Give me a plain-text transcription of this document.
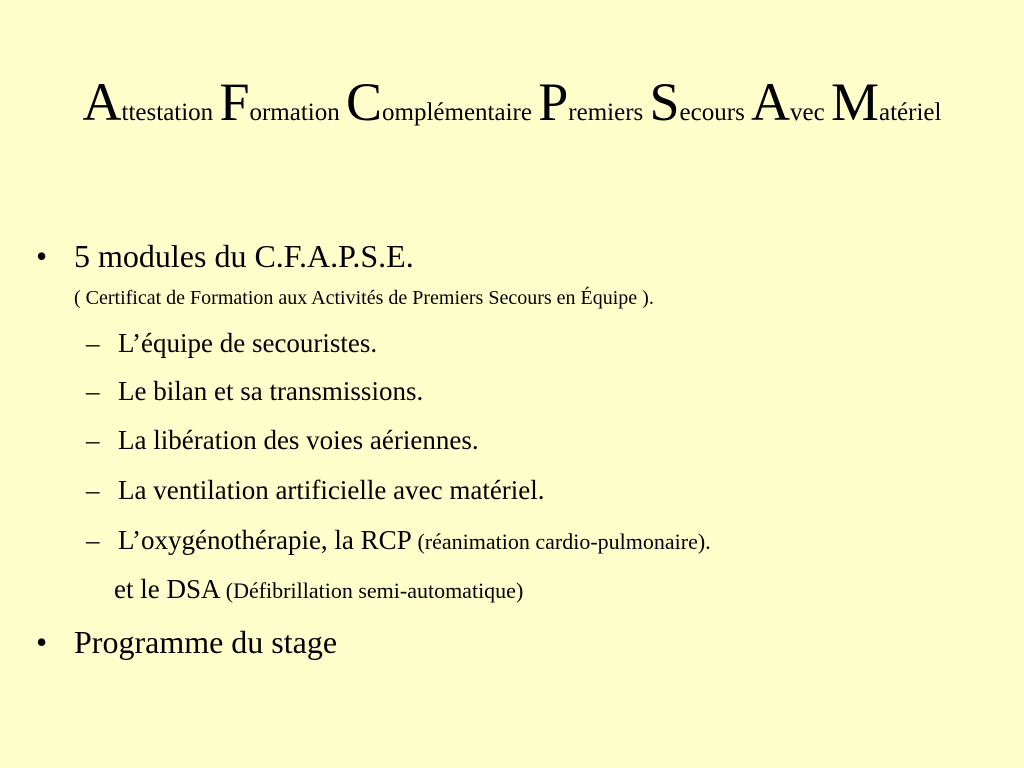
Attestation Formation Complémentaire Premiers Secours Avec Matériel
• 5 modules du C.F.A.P.S.E.
( Certificat de Formation aux Activités de Premiers Secours en Équipe ).
– L’équipe de secouristes.
– Le bilan et sa transmissions.
– La libération des voies aériennes.
– La ventilation artificielle avec matériel.
– L’oxygénothérapie, la RCP (réanimation cardio-pulmonaire).
et le DSA (Défibrillation semi-automatique)
• Programme du stage
